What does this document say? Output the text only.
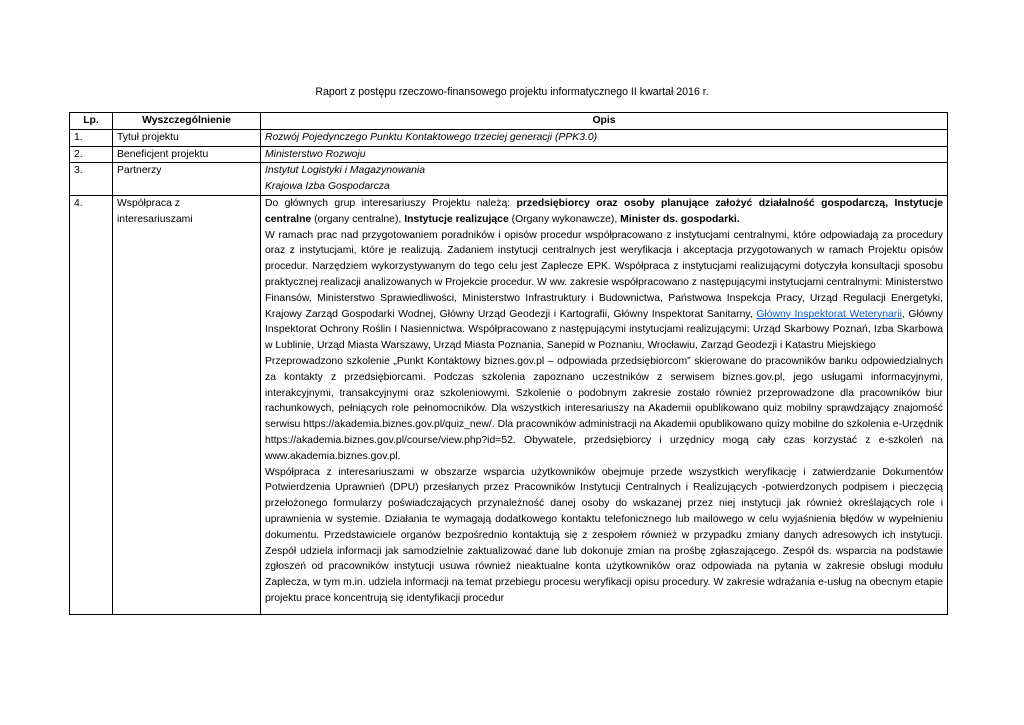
Raport z postępu rzeczowo-finansowego projektu informatycznego II kwartał 2016 r.
Lp.	Wyszczególnienie	Opis
1.	Tytuł projektu	Rozwój Pojedynczego Punktu Kontaktowego trzeciej generacji (PPK3.0)
2.	Beneficjent projektu	Ministerstwo Rozwoju
3.	Partnerzy	Instytut Logistyki i Magazynowania
Krajowa Izba Gospodarcza

4.	Współpraca z interesariuszami	Do głównych grup interesariuszy Projektu należą: przedsiębiorcy oraz osoby planujące założyć działalność gospodarczą, Instytucje centralne (organy centralne), Instytucje realizujące (Organy wykonawcze), Minister ds. gospodarki.

W ramach prac nad przygotowaniem poradników i opisów procedur współpracowano z instytucjami centralnymi, które odpowiadają za procedury oraz z instytucjami, które je realizują. Zadaniem instytucji centralnych jest weryfikacja i akceptacja przygotowanych w ramach Projektu opisów procedur. Narzędziem wykorzystywanym do tego celu jest Zaplecze EPK. Współpraca z instytucjami realizującymi dotyczyła konsultacji sposobu praktycznej realizacji analizowanych w Projekcie procedur. W ww. zakresie współpracowano z następującymi instytucjami centralnymi: Ministerstwo Finansów, Ministerstwo Sprawiedliwości, Ministerstwo Infrastruktury i Budownictwa, Państwowa Inspekcja Pracy, Urząd Regulacji Energetyki, Krajowy Zarząd Gospodarki Wodnej, Główny Urząd Geodezji i Kartografii, Główny Inspektorat Sanitarny, Główny Inspektorat Weterynarii, Główny Inspektorat Ochrony Roślin I Nasiennictwa. Współpracowano z następującymi instytucjami realizującymi: Urząd Skarbowy Poznań, Izba Skarbowa w Lublinie, Urząd Miasta Warszawy, Urząd Miasta Poznania, Sanepid w Poznaniu, Wrocławiu, Zarząd Geodezji i Katastru Miejskiego

Przeprowadzono szkolenie „Punkt Kontaktowy biznes.gov.pl – odpowiada przedsiębiorcom” skierowane do pracowników banku odpowiedzialnych za kontakty z przedsiębiorcami. Podczas szkolenia zapoznano uczestników z serwisem biznes.gov.pl, jego usługami informacyjnymi, interakcyjnymi, transakcyjnymi oraz szkoleniowymi. Szkolenie o podobnym zakresie zostało również przeprowadzone dla pracowników biur rachunkowych, pełniących role pełnomocników. Dla wszystkich interesariuszy na Akademii opublikowano quiz mobilny sprawdzający znajomość serwisu https://akademia.biznes.gov.pl/quiz_new/. Dla pracowników administracji na Akademii opublikowano quizy mobilne do szkolenia e-Urzędnik https://akademia.biznes.gov.pl/course/view.php?id=52. Obywatele, przedsiębiorcy i urzędnicy mogą cały czas korzystać z e-szkoleń na www.akademia.biznes.gov.pl.

Współpraca z interesariuszami w obszarze wsparcia użytkowników obejmuje przede wszystkich weryfikację i zatwierdzanie Dokumentów Potwierdzenia Uprawnień (DPU) przesłanych przez Pracowników Instytucji Centralnych i Realizujących -potwierdzonych podpisem i pieczęcią przełożonego formularzy poświadczających przynależność danej osoby do wskazanej przez niej instytucji jak również określających role i uprawnienia w systemie. Działania te wymagają dodatkowego kontaktu telefonicznego lub mailowego w celu wyjaśnienia błędów w wypełnieniu dokumentu. Przedstawiciele organów bezpośrednio kontaktują się z zespołem również w przypadku zmiany danych adresowych ich instytucji. Zespół udziela informacji jak samodzielnie zaktualizować dane lub dokonuje zmian na prośbę zgłaszającego. Zespół ds. wsparcia na podstawie zgłoszeń od pracowników instytucji usuwa również nieaktualne konta użytkowników oraz odpowiada na pytania w zakresie obsługi modułu Zaplecza, w tym m.in. udziela informacji na temat przebiegu procesu weryfikacji opisu procedury. W zakresie wdrażania e-usług na obecnym etapie projektu prace koncentrują się identyfikacji procedur
